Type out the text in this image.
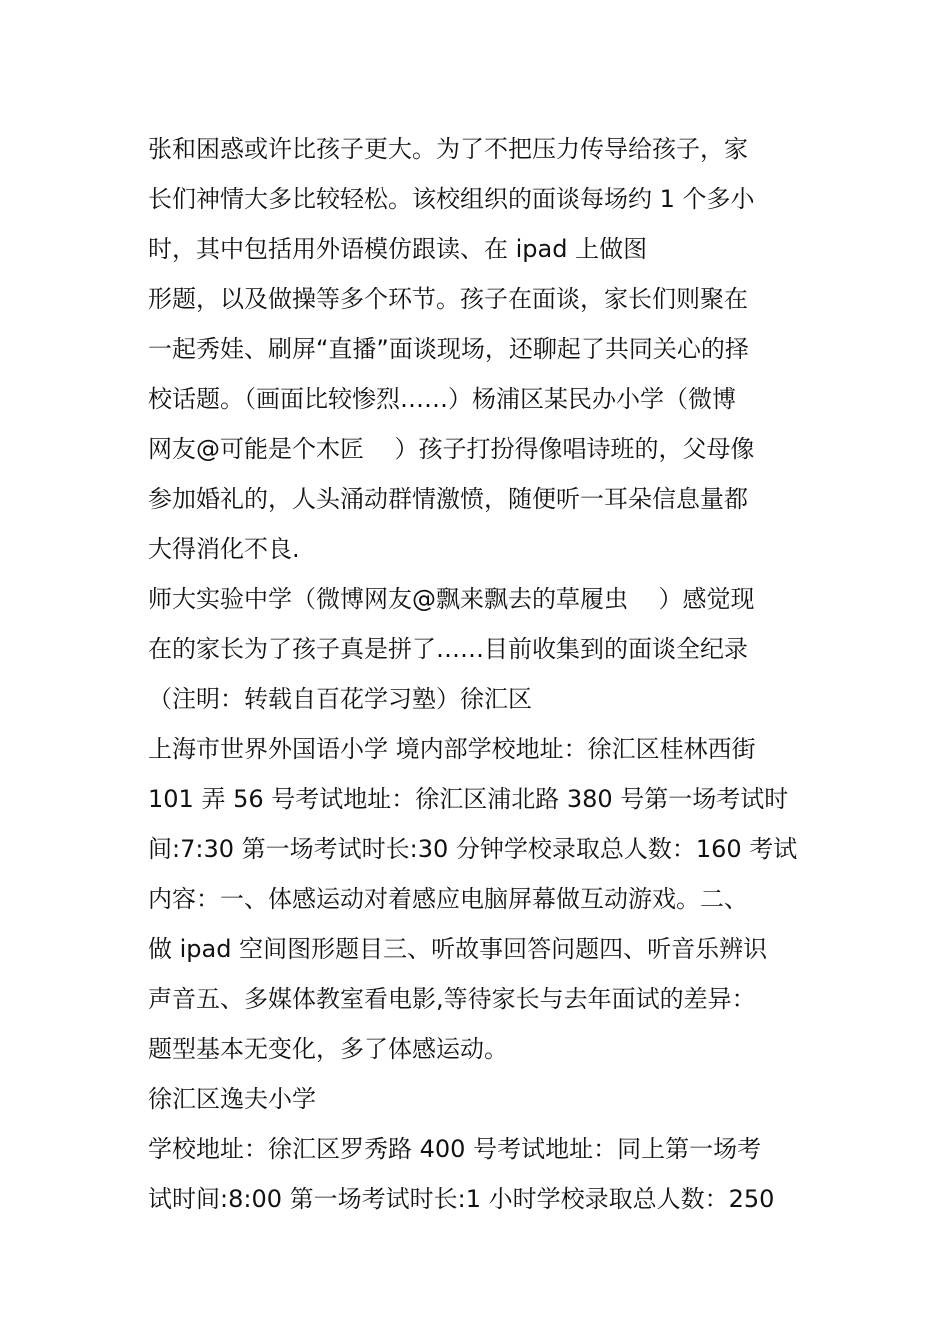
张和困惑或许比孩子更大。为了不把压力传导给孩子，家
长们神情大多比较轻松。该校组织的面谈每场约 1 个多小
时，其中包括用外语模仿跟读、在 ipad 上做图
形题，以及做操等多个环节。孩子在面谈，家长们则聚在
一起秀娃、刷屏“直播”面谈现场，还聊起了共同关心的择
校话题。（画面比较惨烈……）杨浦区某民办小学（微博
网友@可能是个木匠    ）孩子打扮得像唱诗班的，父母像
参加婚礼的，人头涌动群情激愤，随便听一耳朵信息量都
大得消化不良.
师大实验中学（微博网友@飘来飘去的草履虫    ）感觉现
在的家长为了孩子真是拼了……目前收集到的面谈全纪录
（注明：转载自百花学习塾）徐汇区
上海市世界外国语小学 境内部学校地址：徐汇区桂林西街
101 弄 56 号考试地址：徐汇区浦北路 380 号第一场考试时
间:7:30 第一场考试时长:30 分钟学校录取总人数：160 考试
内容：一、体感运动对着感应电脑屏幕做互动游戏。二、
做 ipad 空间图形题目三、听故事回答问题四、听音乐辨识
声音五、多媒体教室看电影,等待家长与去年面试的差异：
题型基本无变化，多了体感运动。
徐汇区逸夫小学
学校地址：徐汇区罗秀路 400 号考试地址：同上第一场考
试时间:8:00 第一场考试时长:1 小时学校录取总人数：250
